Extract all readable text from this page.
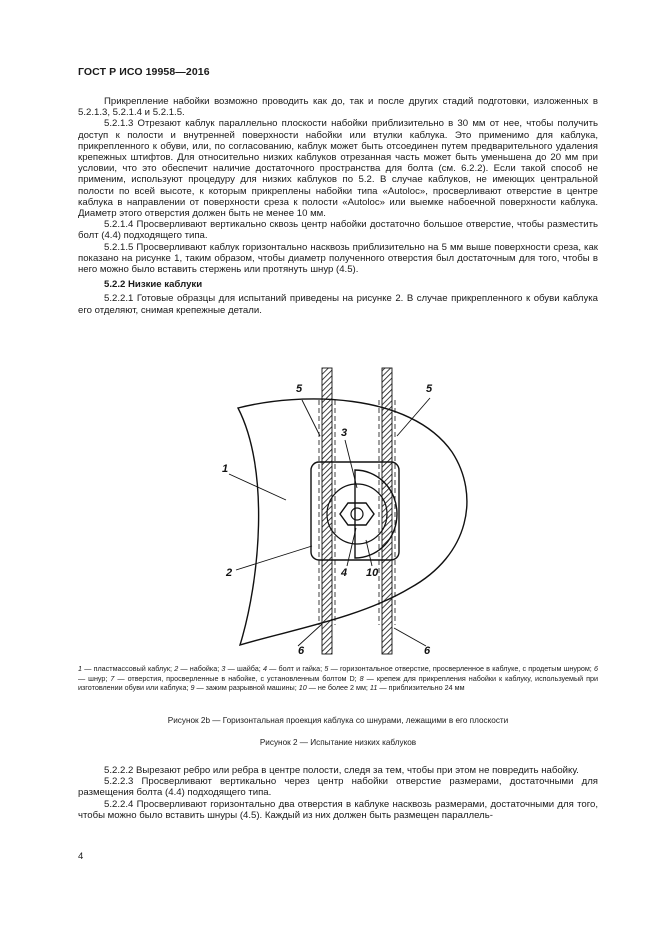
ГОСТ Р ИСО 19958—2016

Прикрепление набойки возможно проводить как до, так и после других стадий подготовки, изложенных в 5.2.1.3, 5.2.1.4 и 5.2.1.5.

5.2.1.3 Отрезают каблук параллельно плоскости набойки приблизительно в 30 мм от нее, чтобы получить доступ к полости и внутренней поверхности набойки или втулки каблука. Это применимо для каблука, прикрепленного к обуви, или, по согласованию, каблук может быть отсоединен путем предварительного удаления крепежных штифтов. Для относительно низких каблуков отрезанная часть может быть уменьшена до 20 мм при условии, что это обеспечит наличие достаточного пространства для болта (см. 6.2.2). Если такой способ не применим, используют процедуру для низких каблуков по 5.2. В случае каблуков, не имеющих центральной полости по всей высоте, к которым прикреплены набойки типа «Autoloc», просверливают отверстие в центре каблука в направлении от поверхности среза к полости «Autoloc» или выемке набоечной поверхности каблука. Диаметр этого отверстия должен быть не менее 10 мм.

5.2.1.4 Просверливают вертикально сквозь центр набойки достаточно большое отверстие, чтобы разместить болт (4.4) подходящего типа.

5.2.1.5 Просверливают каблук горизонтально насквозь приблизительно на 5 мм выше поверхности среза, как показано на рисунке 1, таким образом, чтобы диаметр полученного отверстия был достаточным для того, чтобы в него можно было вставить стержень или протянуть шнур (4.5).

5.2.2 Низкие каблуки

5.2.2.1 Готовые образцы для испытаний приведены на рисунке 2. В случае прикрепленного к обуви каблука его отделяют, снимая крепежные детали.

1
2
3
4
5	5
6	6
10
1 — пластмассовый каблук; 2 — набойка; 3 — шайба; 4 — болт и гайка; 5 — горизонтальное отверстие, просверленное в каблуке, с продетым шнуром; 6 — шнур; 7 — отверстия, просверленные в набойке, с установленным болтом D; 8 — крепеж для прикрепления набойки к каблуку, используемый при изготовлении обуви или каблука; 9 — зажим разрывной машины; 10 — не более 2 мм; 11 — приблизительно 24 мм
Рисунок 2b — Горизонтальная проекция каблука со шнурами, лежащими в его плоскости
Рисунок 2 — Испытание низких каблуков

5.2.2.2 Вырезают ребро или ребра в центре полости, следя за тем, чтобы при этом не повредить набойку.

5.2.2.3 Просверливают вертикально через центр набойки отверстие размерами, достаточными для размещения болта (4.4) подходящего типа.

5.2.2.4 Просверливают горизонтально два отверстия в каблуке насквозь размерами, достаточными для того, чтобы можно было вставить шнуры (4.5). Каждый из них должен быть размещен параллель-

4
